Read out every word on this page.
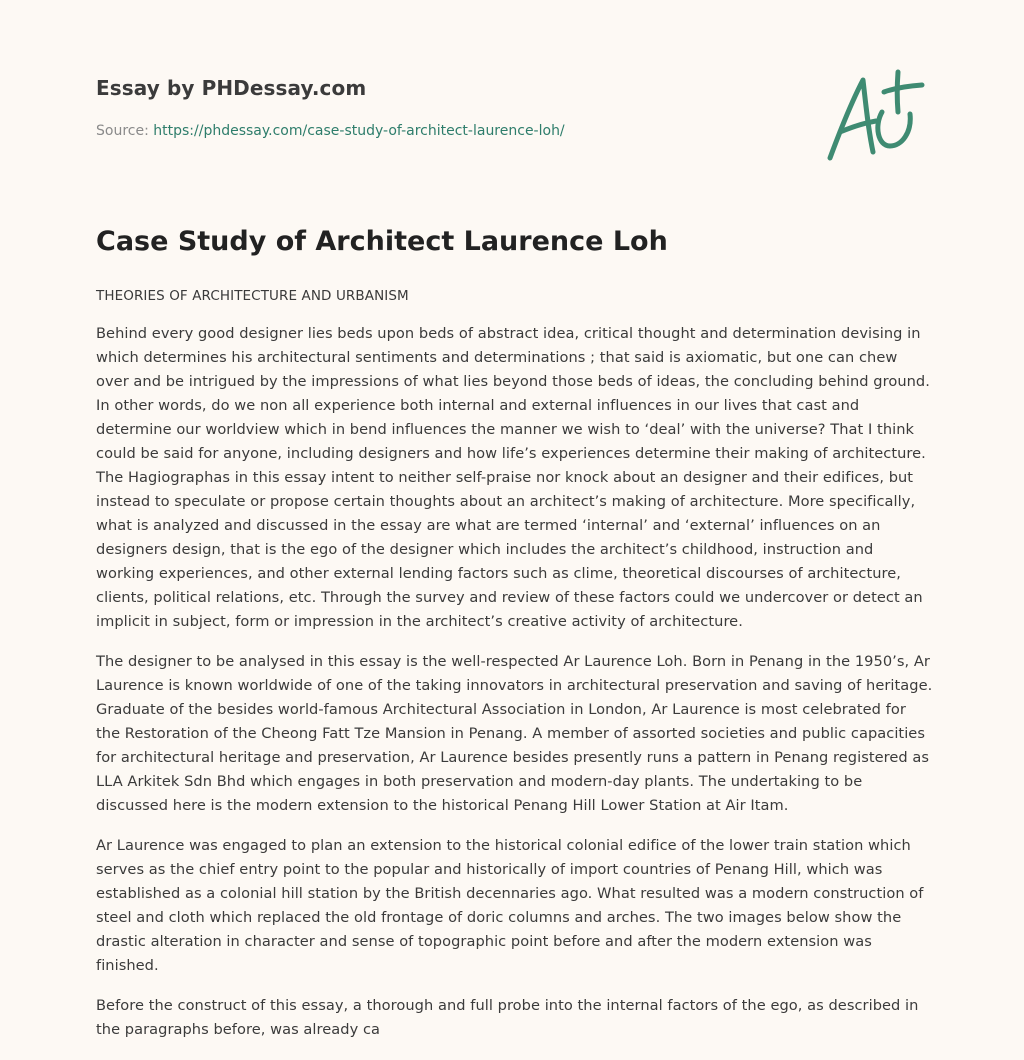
Essay by PHDessay.com
Source: https://phdessay.com/case-study-of-architect-laurence-loh/
Case Study of Architect Laurence Loh

THEORIES OF ARCHITECTURE AND URBANISM

Behind every good designer lies beds upon beds of abstract idea, critical thought and determination devising in which determines his architectural sentiments and determinations ; that said is axiomatic, but one can chew over and be intrigued by the impressions of what lies beyond those beds of ideas, the concluding behind ground. In other words, do we non all experience both internal and external influences in our lives that cast and determine our worldview which in bend influences the manner we wish to ‘deal’ with the universe? That I think could be said for anyone, including designers and how life’s experiences determine their making of architecture. The Hagiographas in this essay intent to neither self-praise nor knock about an designer and their edifices, but instead to speculate or propose certain thoughts about an architect’s making of architecture. More specifically, what is analyzed and discussed in the essay are what are termed ‘internal’ and ‘external’ influences on an designers design, that is the ego of the designer which includes the architect’s childhood, instruction and working experiences, and other external lending factors such as clime, theoretical discourses of architecture, clients, political relations, etc. Through the survey and review of these factors could we undercover or detect an implicit in subject, form or impression in the architect’s creative activity of architecture.

The designer to be analysed in this essay is the well-respected Ar Laurence Loh. Born in Penang in the 1950’s, Ar Laurence is known worldwide of one of the taking innovators in architectural preservation and saving of heritage. Graduate of the besides world-famous Architectural Association in London, Ar Laurence is most celebrated for the Restoration of the Cheong Fatt Tze Mansion in Penang. A member of assorted societies and public capacities for architectural heritage and preservation, Ar Laurence besides presently runs a pattern in Penang registered as LLA Arkitek Sdn Bhd which engages in both preservation and modern-day plants. The undertaking to be discussed here is the modern extension to the historical Penang Hill Lower Station at Air Itam.

Ar Laurence was engaged to plan an extension to the historical colonial edifice of the lower train station which serves as the chief entry point to the popular and historically of import countries of Penang Hill, which was established as a colonial hill station by the British decennaries ago. What resulted was a modern construction of steel and cloth which replaced the old frontage of doric columns and arches. The two images below show the drastic alteration in character and sense of topographic point before and after the modern extension was finished.

Before the construct of this essay, a thorough and full probe into the internal factors of the ego, as described in the paragraphs before, was already ca
